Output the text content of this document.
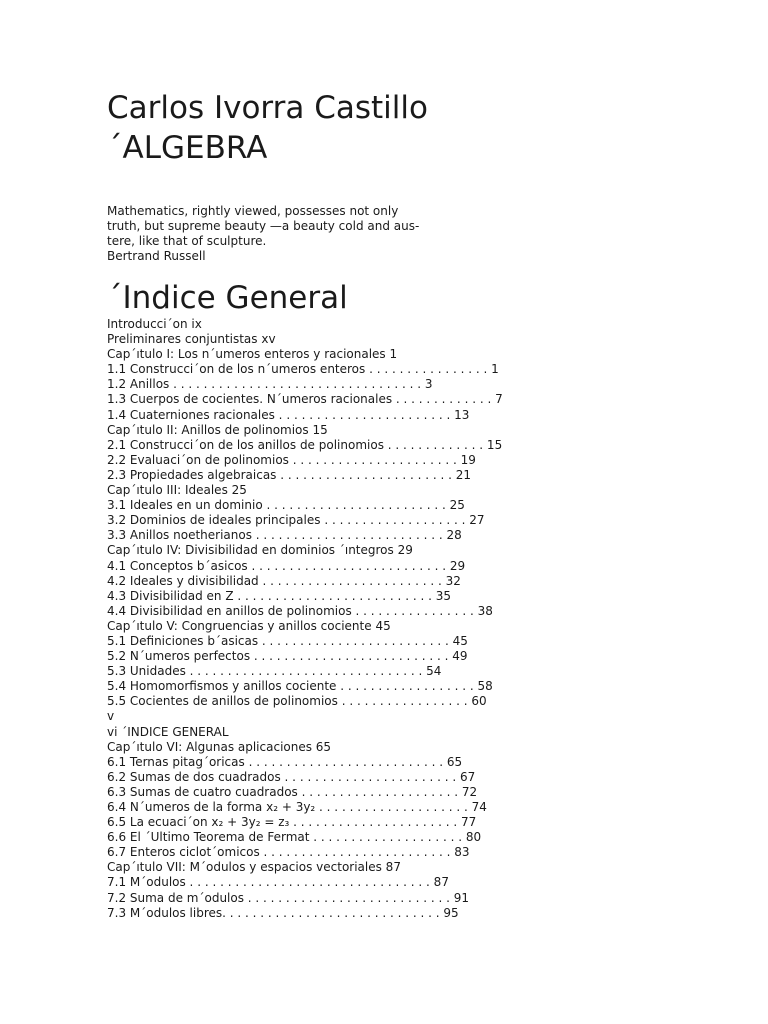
Carlos Ivorra Castillo
´ALGEBRA
Mathematics, rightly viewed, possesses not only
truth, but supreme beauty —a beauty cold and aus-
tere, like that of sculpture.
Bertrand Russell
´Indice General
Introducci´on ix
Preliminares conjuntistas xv
Cap´ıtulo I: Los n´umeros enteros y racionales 1
1.1 Construcci´on de los n´umeros enteros . . . . . . . . . . . . . . . . 1
1.2 Anillos . . . . . . . . . . . . . . . . . . . . . . . . . . . . . . . . . 3
1.3 Cuerpos de cocientes. N´umeros racionales . . . . . . . . . . . . . 7
1.4 Cuaterniones racionales . . . . . . . . . . . . . . . . . . . . . . . 13
Cap´ıtulo II: Anillos de polinomios 15
2.1 Construcci´on de los anillos de polinomios . . . . . . . . . . . . . 15
2.2 Evaluaci´on de polinomios . . . . . . . . . . . . . . . . . . . . . . 19
2.3 Propiedades algebraicas . . . . . . . . . . . . . . . . . . . . . . . 21
Cap´ıtulo III: Ideales 25
3.1 Ideales en un dominio . . . . . . . . . . . . . . . . . . . . . . . . 25
3.2 Dominios de ideales principales . . . . . . . . . . . . . . . . . . . 27
3.3 Anillos noetherianos . . . . . . . . . . . . . . . . . . . . . . . . . 28
Cap´ıtulo IV: Divisibilidad en dominios ´ıntegros 29
4.1 Conceptos b´asicos . . . . . . . . . . . . . . . . . . . . . . . . . . 29
4.2 Ideales y divisibilidad . . . . . . . . . . . . . . . . . . . . . . . . 32
4.3 Divisibilidad en Z . . . . . . . . . . . . . . . . . . . . . . . . . . 35
4.4 Divisibilidad en anillos de polinomios . . . . . . . . . . . . . . . . 38
Cap´ıtulo V: Congruencias y anillos cociente 45
5.1 Definiciones b´asicas . . . . . . . . . . . . . . . . . . . . . . . . . 45
5.2 N´umeros perfectos . . . . . . . . . . . . . . . . . . . . . . . . . . 49
5.3 Unidades . . . . . . . . . . . . . . . . . . . . . . . . . . . . . . . 54
5.4 Homomorfismos y anillos cociente . . . . . . . . . . . . . . . . . . 58
5.5 Cocientes de anillos de polinomios . . . . . . . . . . . . . . . . . 60
v
vi ´INDICE GENERAL
Cap´ıtulo VI: Algunas aplicaciones 65
6.1 Ternas pitag´oricas . . . . . . . . . . . . . . . . . . . . . . . . . . 65
6.2 Sumas de dos cuadrados . . . . . . . . . . . . . . . . . . . . . . . 67
6.3 Sumas de cuatro cuadrados . . . . . . . . . . . . . . . . . . . . . 72
6.4 N´umeros de la forma x₂ + 3y₂ . . . . . . . . . . . . . . . . . . . . 74
6.5 La ecuaci´on x₂ + 3y₂ = z₃ . . . . . . . . . . . . . . . . . . . . . . 77
6.6 El ´Ultimo Teorema de Fermat . . . . . . . . . . . . . . . . . . . . 80
6.7 Enteros ciclot´omicos . . . . . . . . . . . . . . . . . . . . . . . . . 83
Cap´ıtulo VII: M´odulos y espacios vectoriales 87
7.1 M´odulos . . . . . . . . . . . . . . . . . . . . . . . . . . . . . . . . 87
7.2 Suma de m´odulos . . . . . . . . . . . . . . . . . . . . . . . . . . . 91
7.3 M´odulos libres. . . . . . . . . . . . . . . . . . . . . . . . . . . . . 95
